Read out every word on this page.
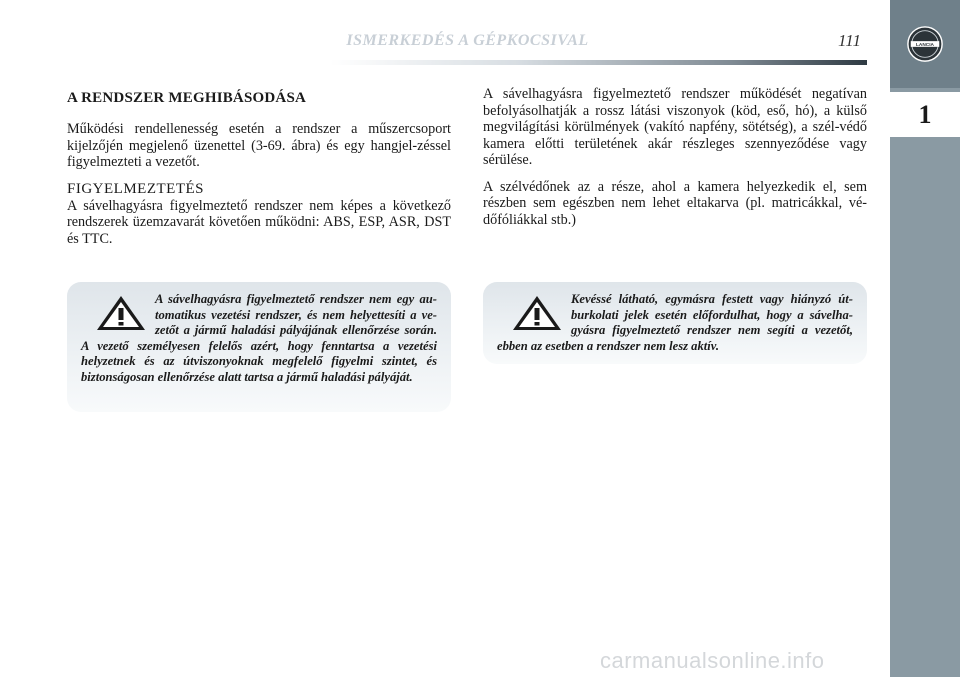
ISMERKEDÉS A GÉPKOCSIVAL	111	LANCIA
1
A RENDSZER MEGHIBÁSODÁSA

Működési rendellenesség esetén a rendszer a műszercsoport kijelzőjén megjelenő üzenettel (3-69. ábra) és egy hangjel-zéssel figyelmezteti a vezetőt.

FIGYELMEZTETÉS

A sávelhagyásra figyelmeztető rendszer nem képes a következő rendszerek üzemzavarát követően működni: ABS, ESP, ASR, DST és TTC.

A sávelhagyásra figyelmeztető rendszer működését negatívan befolyásolhatják a rossz látási viszonyok (köd, eső, hó), a külső megvilágítási körülmények (vakító napfény, sötétség), a szél-védő kamera előtti területének akár részleges szennyeződése vagy sérülése.

A szélvédőnek az a része, ahol a kamera helyezkedik el, sem részben sem egészben nem lehet eltakarva (pl. matricákkal, vé-dőfóliákkal stb.)

A sávelhagyásra figyelmeztető rendszer nem egy au-tomatikus vezetési rendszer, és nem helyettesíti a ve-zetőt a jármű haladási pályájának ellenőrzése során. A vezető személyesen felelős azért, hogy fenntartsa a vezetési helyzetnek és az útviszonyoknak megfelelő figyelmi szintet, és biztonságosan ellenőrzése alatt tartsa a jármű haladási pályáját.

Kevéssé látható, egymásra festett vagy hiányzó út-burkolati jelek esetén előfordulhat, hogy a sávelha-gyásra figyelmeztető rendszer nem segíti a vezetőt, ebben az esetben a rendszer nem lesz aktív.

carmanualsonline.info
